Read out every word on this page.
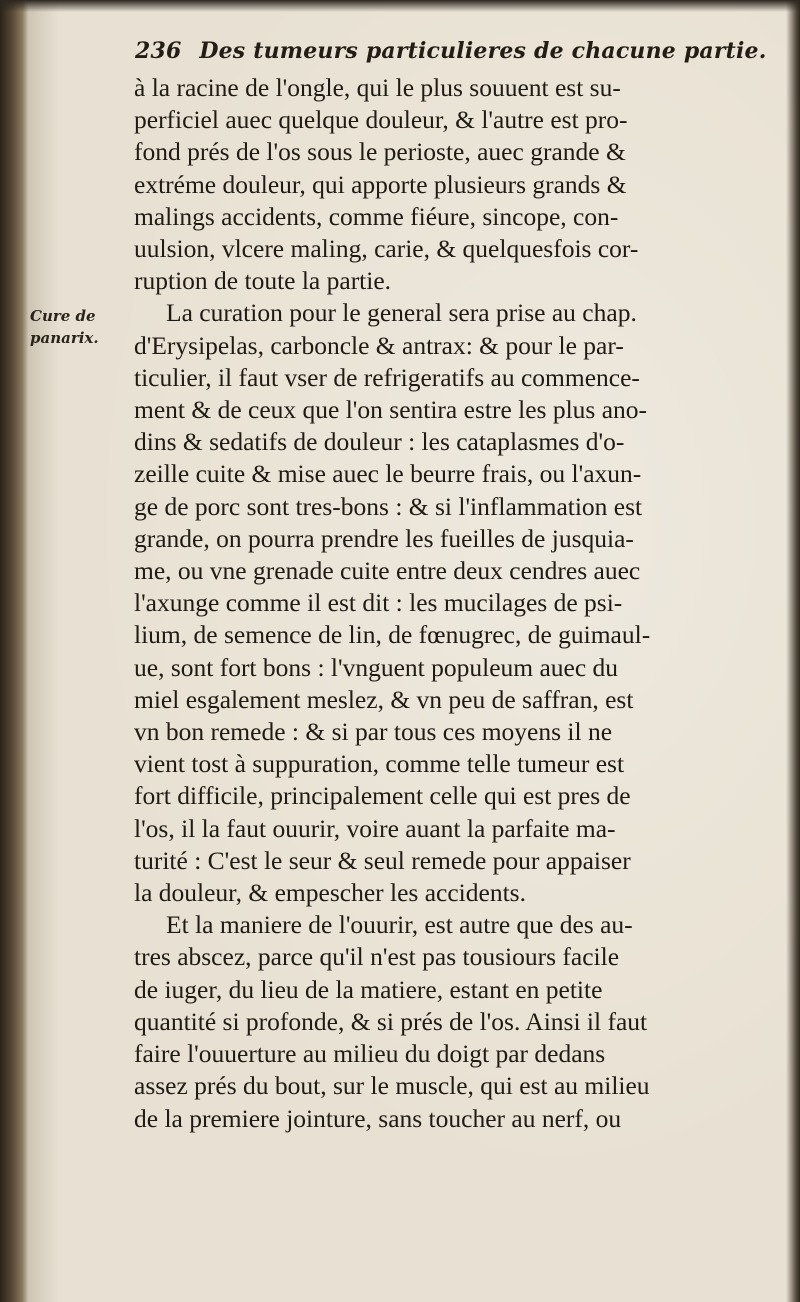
236 Des tumeurs particulieres de chacune partie.
Cure de
panarix.
à la racine de l'ongle, qui le plus souuent est su-
perficiel auec quelque douleur, & l'autre est pro-
fond prés de l'os sous le perioste, auec grande &
extréme douleur, qui apporte plusieurs grands &
malings accidents, comme fiéure, sincope, con-
uulsion, vlcere maling, carie, & quelquesfois cor-
ruption de toute la partie.
La curation pour le general sera prise au chap.
d'Erysipelas, carboncle & antrax: & pour le par-
ticulier, il faut vser de refrigeratifs au commence-
ment & de ceux que l'on sentira estre les plus ano-
dins & sedatifs de douleur : les cataplasmes d'o-
zeille cuite & mise auec le beurre frais, ou l'axun-
ge de porc sont tres-bons : & si l'inflammation est
grande, on pourra prendre les fueilles de jusquia-
me, ou vne grenade cuite entre deux cendres auec
l'axunge comme il est dit : les mucilages de psi-
lium, de semence de lin, de fœnugrec, de guimaul-
ue, sont fort bons : l'vnguent populeum auec du
miel esgalement meslez, & vn peu de saffran, est
vn bon remede : & si par tous ces moyens il ne
vient tost à suppuration, comme telle tumeur est
fort difficile, principalement celle qui est pres de
l'os, il la faut ouurir, voire auant la parfaite ma-
turité : C'est le seur & seul remede pour appaiser
la douleur, & empescher les accidents.
Et la maniere de l'ouurir, est autre que des au-
tres abscez, parce qu'il n'est pas tousiours facile
de iuger, du lieu de la matiere, estant en petite
quantité si profonde, & si prés de l'os. Ainsi il faut
faire l'ouuerture au milieu du doigt par dedans
assez prés du bout, sur le muscle, qui est au milieu
de la premiere jointure, sans toucher au nerf, ou
